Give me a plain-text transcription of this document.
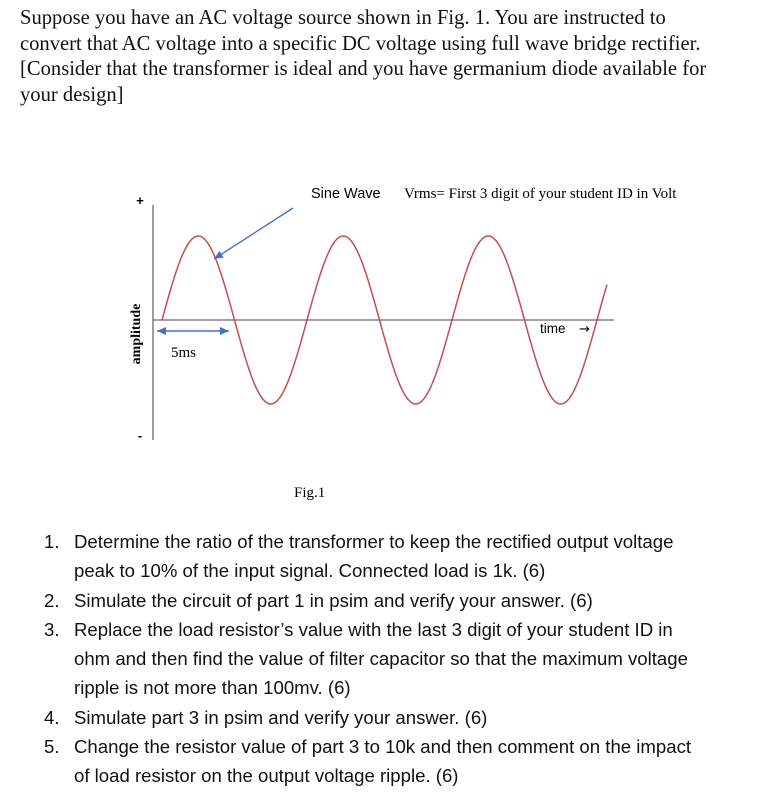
Suppose you have an AC voltage source shown in Fig. 1. You are instructed to
convert that AC voltage into a specific DC voltage using full wave bridge rectifier.
[Consider that the transformer is ideal and you have germanium diode available for
your design]
+
-
amplitude 5ms
Sine Wave Vrms= First 3 digit of your student ID in Volt
time →
Fig.1
1. Determine the ratio of the transformer to keep the rectified output voltage
peak to 10% of the input signal. Connected load is 1k. (6)
2. Simulate the circuit of part 1 in psim and verify your answer. (6)
3. Replace the load resistor’s value with the last 3 digit of your student ID in
ohm and then find the value of filter capacitor so that the maximum voltage
ripple is not more than 100mv. (6)
4. Simulate part 3 in psim and verify your answer. (6)
5. Change the resistor value of part 3 to 10k and then comment on the impact
of load resistor on the output voltage ripple. (6)
